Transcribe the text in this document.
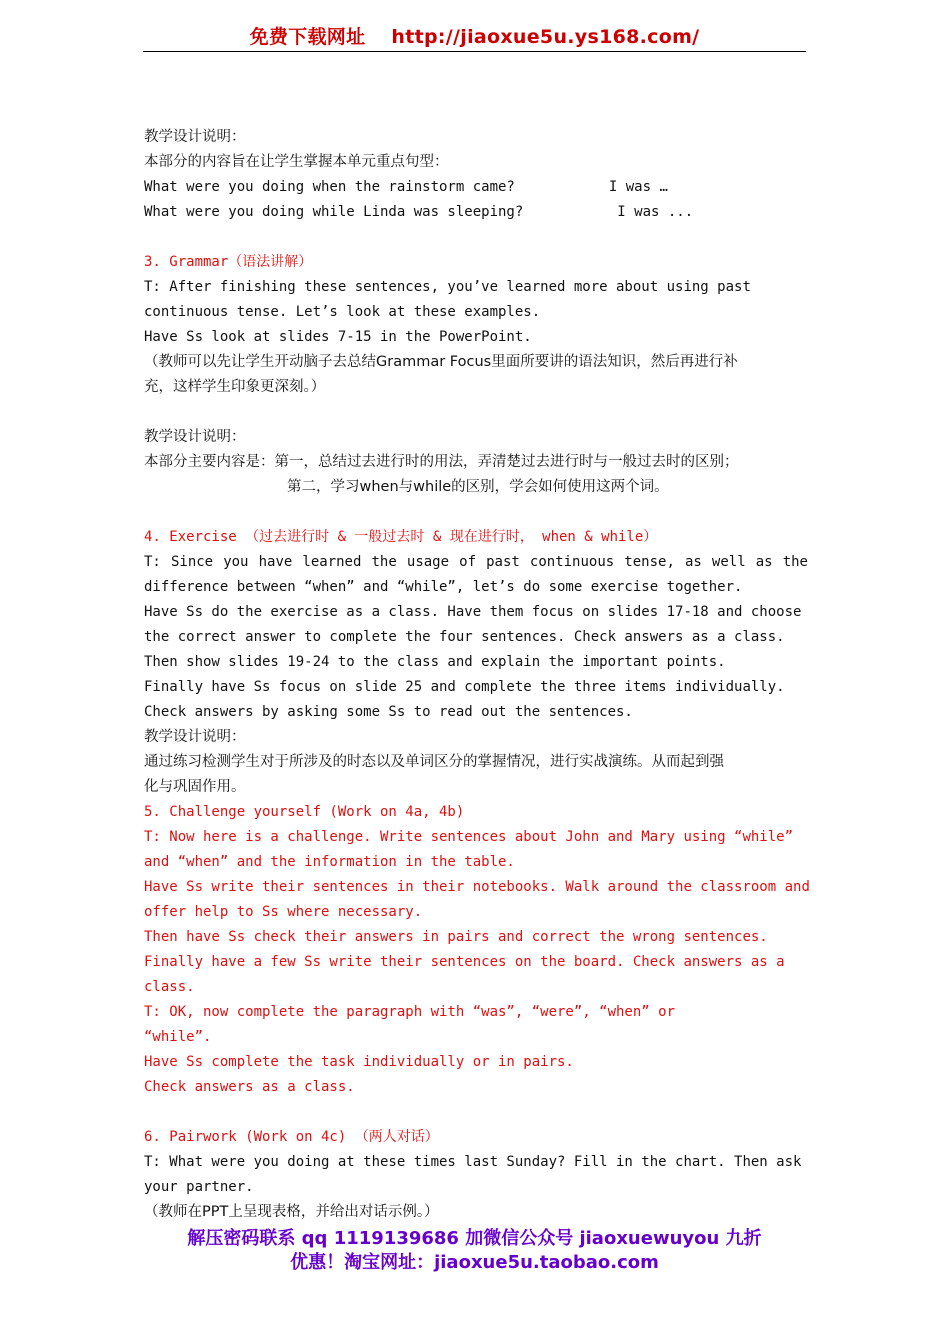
免费下载网址 http://jiaoxue5u.ys168.com/
教学设计说明：
本部分的内容旨在让学生掌握本单元重点句型：
What were you doing when the rainstorm came?	I was …
What were you doing while Linda was sleeping?	I was ...
3. Grammar（语法讲解）
T: After finishing these sentences, you’ve learned more about using past
continuous tense. Let’s look at these examples.
Have Ss look at slides 7-15 in the PowerPoint.
（教师可以先让学生开动脑子去总结Grammar Focus里面所要讲的语法知识，然后再进行补
充，这样学生印象更深刻。）
教学设计说明：
本部分主要内容是：第一，总结过去进行时的用法，弄清楚过去进行时与一般过去时的区别；
第二，学习when与while的区别，学会如何使用这两个词。
4. Exercise （过去进行时 & 一般过去时 & 现在进行时， when & while）
T: Since you have learned the usage of past continuous tense, as well as the
difference between “when” and “while”, let’s do some exercise together.
Have Ss do the exercise as a class. Have them focus on slides 17-18 and choose
the correct answer to complete the four sentences. Check answers as a class.
Then show slides 19-24 to the class and explain the important points.
Finally have Ss focus on slide 25 and complete the three items individually.
Check answers by asking some Ss to read out the sentences.
教学设计说明：
通过练习检测学生对于所涉及的时态以及单词区分的掌握情况，进行实战演练。从而起到强
化与巩固作用。
5. Challenge yourself (Work on 4a, 4b)
T: Now here is a challenge. Write sentences about John and Mary using “while”
and “when” and the information in the table.
Have Ss write their sentences in their notebooks. Walk around the classroom and
offer help to Ss where necessary.
Then have Ss check their answers in pairs and correct the wrong sentences.
Finally have a few Ss write their sentences on the board. Check answers as a
class.
T: OK, now complete the paragraph with “was”, “were”, “when” or
“while”.
Have Ss complete the task individually or in pairs.
Check answers as a class.
6. Pairwork (Work on 4c) （两人对话）
T: What were you doing at these times last Sunday? Fill in the chart. Then ask
your partner.
（教师在PPT上呈现表格，并给出对话示例。）
解压密码联系 qq 1119139686 加微信公众号 jiaoxuewuyou 九折
优惠！淘宝网址：jiaoxue5u.taobao.com
